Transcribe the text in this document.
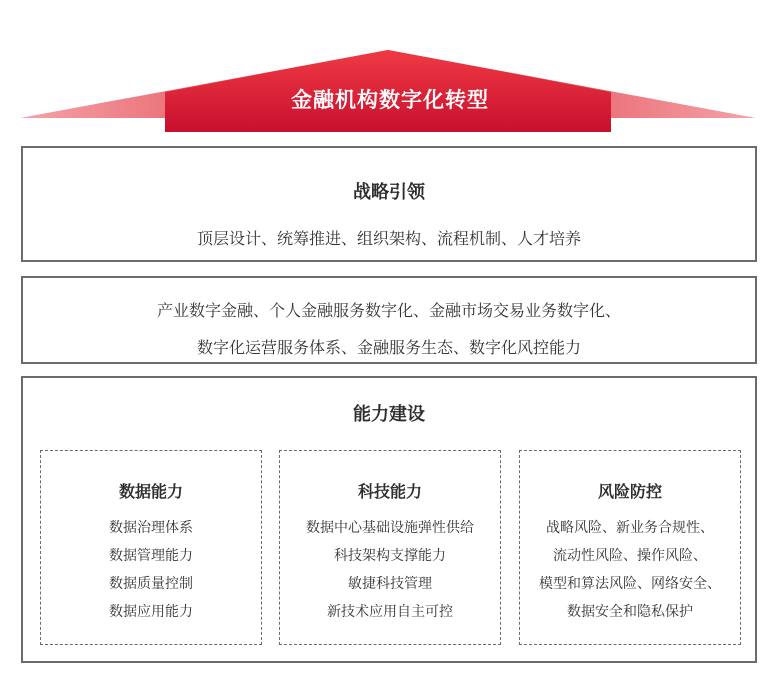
金融机构数字化转型
战略引领
顶层设计、统筹推进、组织架构、流程机制、人才培养
产业数字金融、个人金融服务数字化、金融市场交易业务数字化、
数字化运营服务体系、金融服务生态、数字化风控能力
能力建设
数据能力
数据治理体系
数据管理能力
数据质量控制
数据应用能力
科技能力
数据中心基础设施弹性供给
科技架构支撑能力
敏捷科技管理
新技术应用自主可控
风险防控
战略风险、新业务合规性、
流动性风险、操作风险、
模型和算法风险、网络安全、
数据安全和隐私保护
